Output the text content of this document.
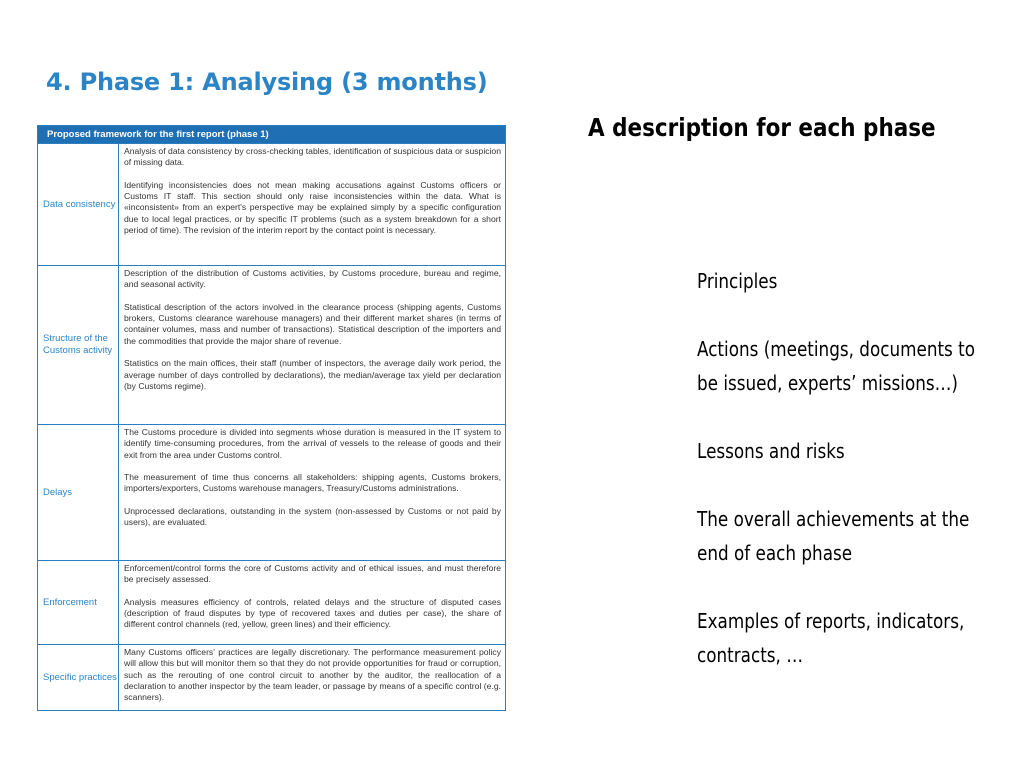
4. Phase 1: Analysing (3 months)
Proposed framework for the first report (phase 1)
Data consistency

Analysis of data consistency by cross-checking tables, identification of suspicious data or suspicion of missing data.

Identifying inconsistencies does not mean making accusations against Customs officers or Customs IT staff. This section should only raise inconsistencies within the data. What is «inconsistent» from an expert's perspective may be explained simply by a specific configuration due to local legal practices, or by specific IT problems (such as a system breakdown for a short period of time). The revision of the interim report by the contact point is necessary.

Structure of the Customs activity

Description of the distribution of Customs activities, by Customs procedure, bureau and regime, and seasonal activity.

Statistical description of the actors involved in the clearance process (shipping agents, Customs brokers, Customs clearance warehouse managers) and their different market shares (in terms of container volumes, mass and number of transactions). Statistical description of the importers and the commodities that provide the major share of revenue.

Statistics on the main offices, their staff (number of inspectors, the average daily work period, the average number of days controlled by declarations), the median/average tax yield per declaration (by Customs regime).

Delays

The Customs procedure is divided into segments whose duration is measured in the IT system to identify time-consuming procedures, from the arrival of vessels to the release of goods and their exit from the area under Customs control.

The measurement of time thus concerns all stakeholders: shipping agents, Customs brokers, importers/exporters, Customs warehouse managers, Treasury/Customs administrations.

Unprocessed declarations, outstanding in the system (non-assessed by Customs or not paid by users), are evaluated.

Enforcement

Enforcement/control forms the core of Customs activity and of ethical issues, and must therefore be precisely assessed.

Analysis measures efficiency of controls, related delays and the structure of disputed cases (description of fraud disputes by type of recovered taxes and duties per case), the share of different control channels (red, yellow, green lines) and their efficiency.

Specific practices

Many Customs officers' practices are legally discretionary. The performance measurement policy will allow this but will monitor them so that they do not provide opportunities for fraud or corruption, such as the rerouting of one control circuit to another by the auditor, the reallocation of a declaration to another inspector by the team leader, or passage by means of a specific control (e.g. scanners).

A description for each phase

Principles

Actions (meetings, documents to be issued, experts’ missions…)

Lessons and risks

The overall achievements at the end of each phase

Examples of reports, indicators, contracts, …
